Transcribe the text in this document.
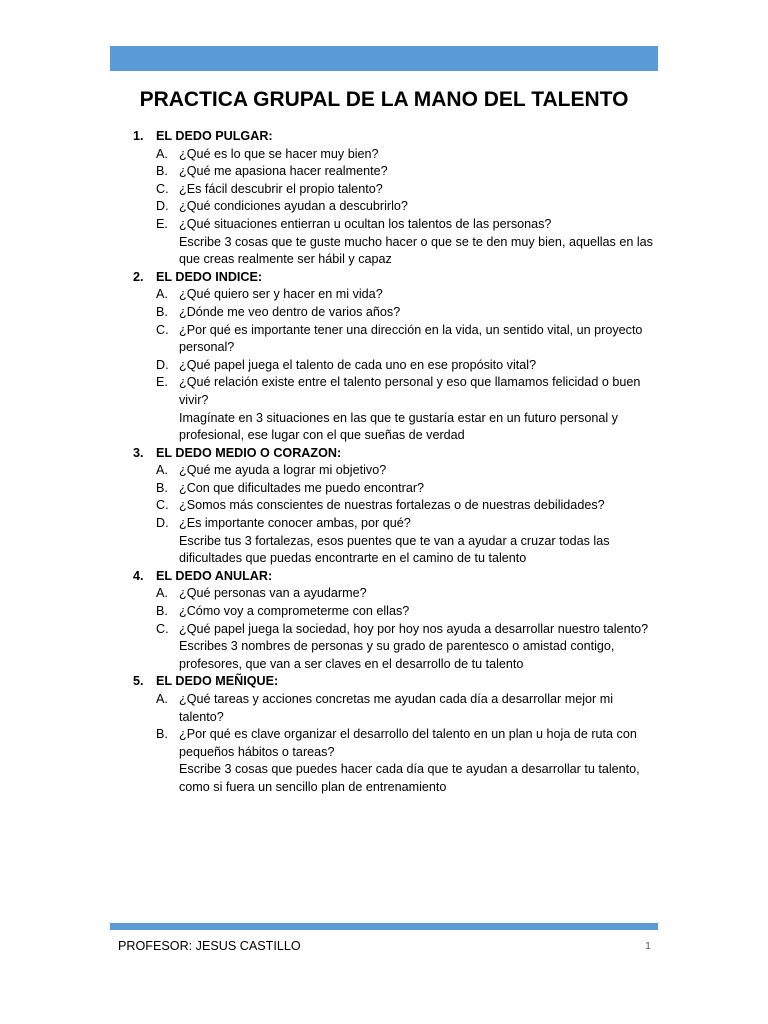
PRACTICA GRUPAL DE LA MANO DEL TALENTO
1. EL DEDO PULGAR:
A. ¿Qué es lo que se hacer muy bien?
B. ¿Qué me apasiona hacer realmente?
C. ¿Es fácil descubrir el propio talento?
D. ¿Qué condiciones ayudan a descubrirlo?
E. ¿Qué situaciones entierran u ocultan los talentos de las personas?
Escribe 3 cosas que te guste mucho hacer o que se te den muy bien, aquellas en las que creas realmente ser hábil y capaz
2. EL DEDO INDICE:
A. ¿Qué quiero ser y hacer en mi vida?
B. ¿Dónde me veo dentro de varios años?
C. ¿Por qué es importante tener una dirección en la vida, un sentido vital, un proyecto personal?
D. ¿Qué papel juega el talento de cada uno en ese propósito vital?
E. ¿Qué relación existe entre el talento personal y eso que llamamos felicidad o buen vivir?
Imagínate en 3 situaciones en las que te gustaría estar en un futuro personal y profesional, ese lugar con el que sueñas de verdad
3. EL DEDO MEDIO O CORAZON:
A. ¿Qué me ayuda a lograr mi objetivo?
B. ¿Con que dificultades me puedo encontrar?
C. ¿Somos más conscientes de nuestras fortalezas o de nuestras debilidades?
D. ¿Es importante conocer ambas, por qué?
Escribe tus 3 fortalezas, esos puentes que te van a ayudar a cruzar todas las dificultades que puedas encontrarte en el camino de tu talento
4. EL DEDO ANULAR:
A. ¿Qué personas van a ayudarme?
B. ¿Cómo voy a comprometerme con ellas?
C. ¿Qué papel juega la sociedad, hoy por hoy nos ayuda a desarrollar nuestro talento?
Escribes 3 nombres de personas y su grado de parentesco o amistad contigo, profesores, que van a ser claves en el desarrollo de tu talento
5. EL DEDO MEÑIQUE:
A. ¿Qué tareas y acciones concretas me ayudan cada día a desarrollar mejor mi talento?
B. ¿Por qué es clave organizar el desarrollo del talento en un plan u hoja de ruta con pequeños hábitos o tareas?
Escribe 3 cosas que puedes hacer cada día que te ayudan a desarrollar tu talento, como si fuera un sencillo plan de entrenamiento
PROFESOR: JESUS CASTILLO	1
